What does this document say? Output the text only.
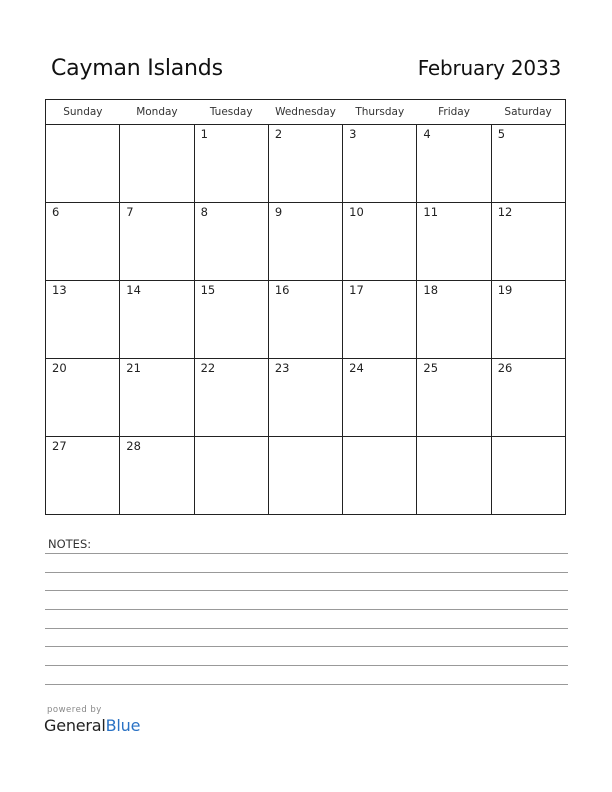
Cayman Islands	February 2033
Sunday	Monday	Tuesday	Wednesday	Thursday	Friday	Saturday

		1	2	3	4	5

6	7	8	9	10	11	12

13	14	15	16	17	18	19

20	21	22	23	24	25	26

27	28					

NOTES:
powered by
GeneralBlue
